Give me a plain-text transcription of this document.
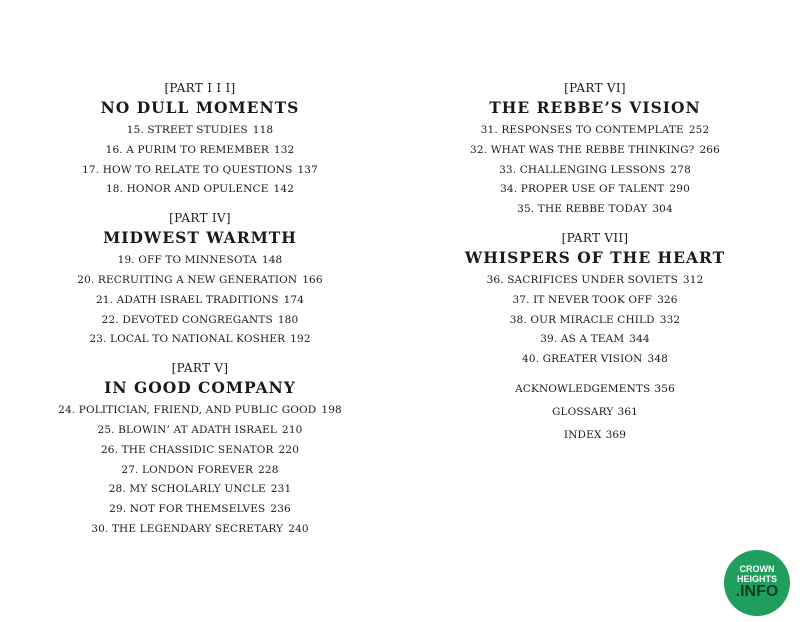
[PART I I I]
NO DULL MOMENTS
15. STREET STUDIES 118
16. A PURIM TO REMEMBER 132
17. HOW TO RELATE TO QUESTIONS 137
18. HONOR AND OPULENCE 142
[PART IV]
MIDWEST WARMTH
19. OFF TO MINNESOTA 148
20. RECRUITING A NEW GENERATION 166
21. ADATH ISRAEL TRADITIONS 174
22. DEVOTED CONGREGANTS 180
23. LOCAL TO NATIONAL KOSHER 192
[PART V]
IN GOOD COMPANY
24. POLITICIAN, FRIEND, AND PUBLIC GOOD 198
25. BLOWIN’ AT ADATH ISRAEL 210
26. THE CHASSIDIC SENATOR 220
27. LONDON FOREVER 228
28. MY SCHOLARLY UNCLE 231
29. NOT FOR THEMSELVES 236
30. THE LEGENDARY SECRETARY 240
[PART VI]
THE REBBE’S VISION
31. RESPONSES TO CONTEMPLATE 252
32. WHAT WAS THE REBBE THINKING? 266
33. CHALLENGING LESSONS 278
34. PROPER USE OF TALENT 290
35. THE REBBE TODAY 304
[PART VII]
WHISPERS OF THE HEART
36. SACRIFICES UNDER SOVIETS 312
37. IT NEVER TOOK OFF 326
38. OUR MIRACLE CHILD 332
39. AS A TEAM 344
40. GREATER VISION 348
ACKNOWLEDGEMENTS 356
GLOSSARY 361
INDEX 369
CROWN
HEIGHTS
.INFO
